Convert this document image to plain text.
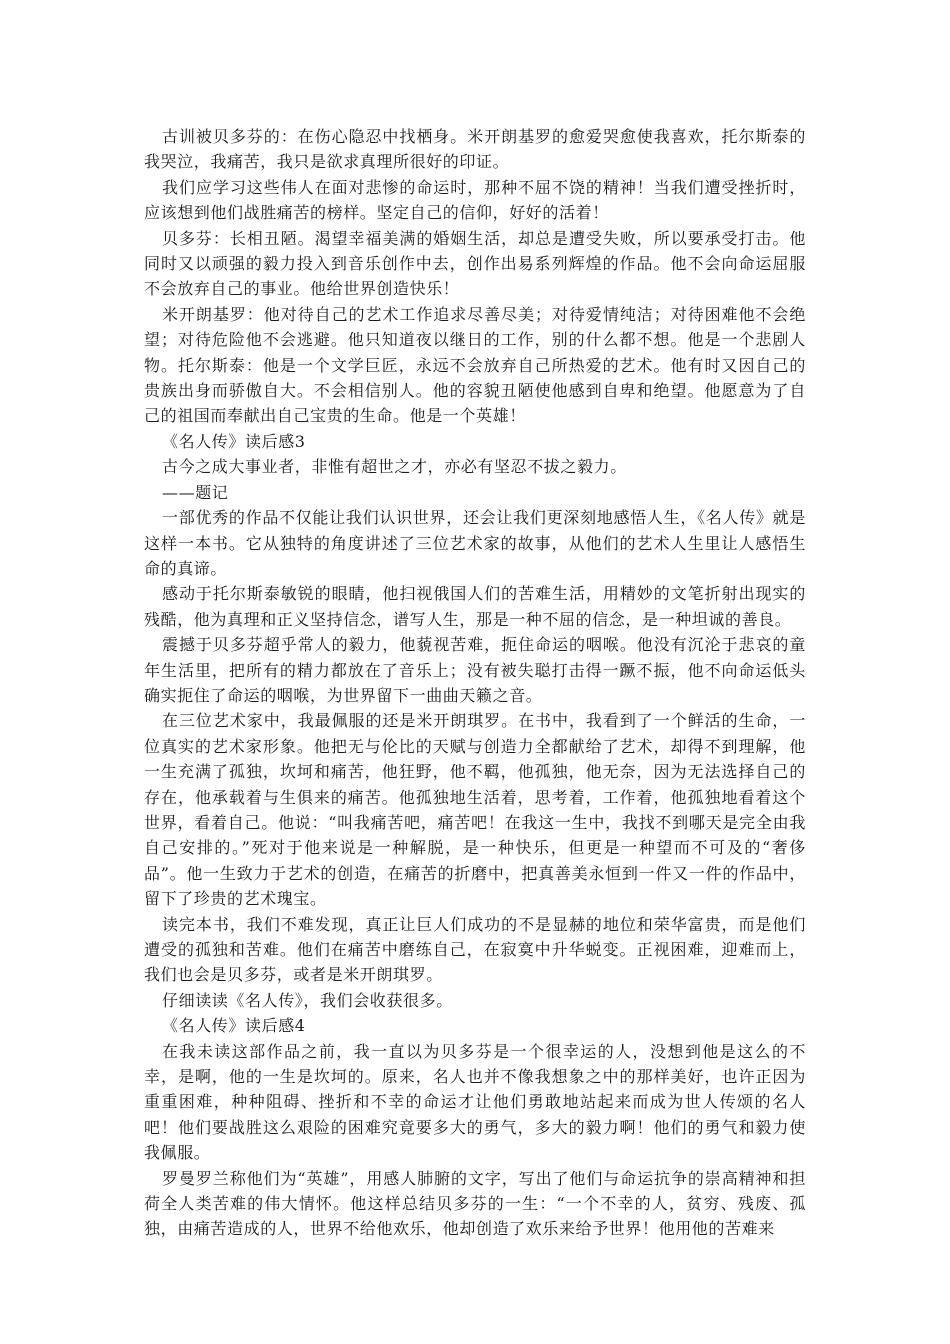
古训被贝多芬的：在伤心隐忍中找栖身。米开朗基罗的愈爱哭愈使我喜欢，托尔斯泰的我哭泣，我痛苦，我只是欲求真理所很好的印证。

我们应学习这些伟人在面对悲惨的命运时，那种不屈不饶的精神！当我们遭受挫折时，应该想到他们战胜痛苦的榜样。坚定自己的信仰，好好的活着！

贝多芬：长相丑陋。渴望幸福美满的婚姻生活，却总是遭受失败，所以要承受打击。他同时又以顽强的毅力投入到音乐创作中去，创作出易系列辉煌的作品。他不会向命运屈服不会放弃自己的事业。他给世界创造快乐！

米开朗基罗：他对待自己的艺术工作追求尽善尽美；对待爱情纯洁；对待困难他不会绝望；对待危险他不会逃避。他只知道夜以继日的工作，别的什么都不想。他是一个悲剧人物。托尔斯泰：他是一个文学巨匠，永远不会放弃自己所热爱的艺术。他有时又因自己的贵族出身而骄傲自大。不会相信别人。他的容貌丑陋使他感到自卑和绝望。他愿意为了自己的祖国而奉献出自己宝贵的生命。他是一个英雄！

《名人传》读后感3

古今之成大事业者，非惟有超世之才，亦必有坚忍不拔之毅力。

——题记

一部优秀的作品不仅能让我们认识世界，还会让我们更深刻地感悟人生，《名人传》就是这样一本书。它从独特的角度讲述了三位艺术家的故事，从他们的艺术人生里让人感悟生命的真谛。

感动于托尔斯泰敏锐的眼睛，他扫视俄国人们的苦难生活，用精妙的文笔折射出现实的残酷，他为真理和正义坚持信念，谱写人生，那是一种不屈的信念，是一种坦诚的善良。

震撼于贝多芬超乎常人的毅力，他藐视苦难，扼住命运的咽喉。他没有沉沦于悲哀的童年生活里，把所有的精力都放在了音乐上；没有被失聪打击得一蹶不振，他不向命运低头确实扼住了命运的咽喉，为世界留下一曲曲天籁之音。

在三位艺术家中，我最佩服的还是米开朗琪罗。在书中，我看到了一个鲜活的生命，一位真实的艺术家形象。他把无与伦比的天赋与创造力全都献给了艺术，却得不到理解，他一生充满了孤独，坎坷和痛苦，他狂野，他不羁，他孤独，他无奈，因为无法选择自己的存在，他承载着与生俱来的痛苦。他孤独地生活着，思考着，工作着，他孤独地看着这个世界，看着自己。他说：“叫我痛苦吧，痛苦吧！在我这一生中，我找不到哪天是完全由我自己安排的。”死对于他来说是一种解脱，是一种快乐，但更是一种望而不可及的“奢侈品”。他一生致力于艺术的创造，在痛苦的折磨中，把真善美永恒到一件又一件的作品中，留下了珍贵的艺术瑰宝。

读完本书，我们不难发现，真正让巨人们成功的不是显赫的地位和荣华富贵，而是他们遭受的孤独和苦难。他们在痛苦中磨练自己，在寂寞中升华蜕变。正视困难，迎难而上，我们也会是贝多芬，或者是米开朗琪罗。

仔细读读《名人传》，我们会收获很多。

《名人传》读后感4

在我未读这部作品之前，我一直以为贝多芬是一个很幸运的人，没想到他是这么的不幸，是啊，他的一生是坎坷的。原来，名人也并不像我想象之中的那样美好，也许正因为重重困难，种种阻碍、挫折和不幸的命运才让他们勇敢地站起来而成为世人传颂的名人吧！他们要战胜这么艰险的困难究竟要多大的勇气，多大的毅力啊！他们的勇气和毅力使我佩服。

罗曼罗兰称他们为“英雄”，用感人肺腑的文字，写出了他们与命运抗争的崇高精神和担荷全人类苦难的伟大情怀。他这样总结贝多芬的一生：“一个不幸的人，贫穷、残废、孤独，由痛苦造成的人，世界不给他欢乐，他却创造了欢乐来给予世界！他用他的苦难来
